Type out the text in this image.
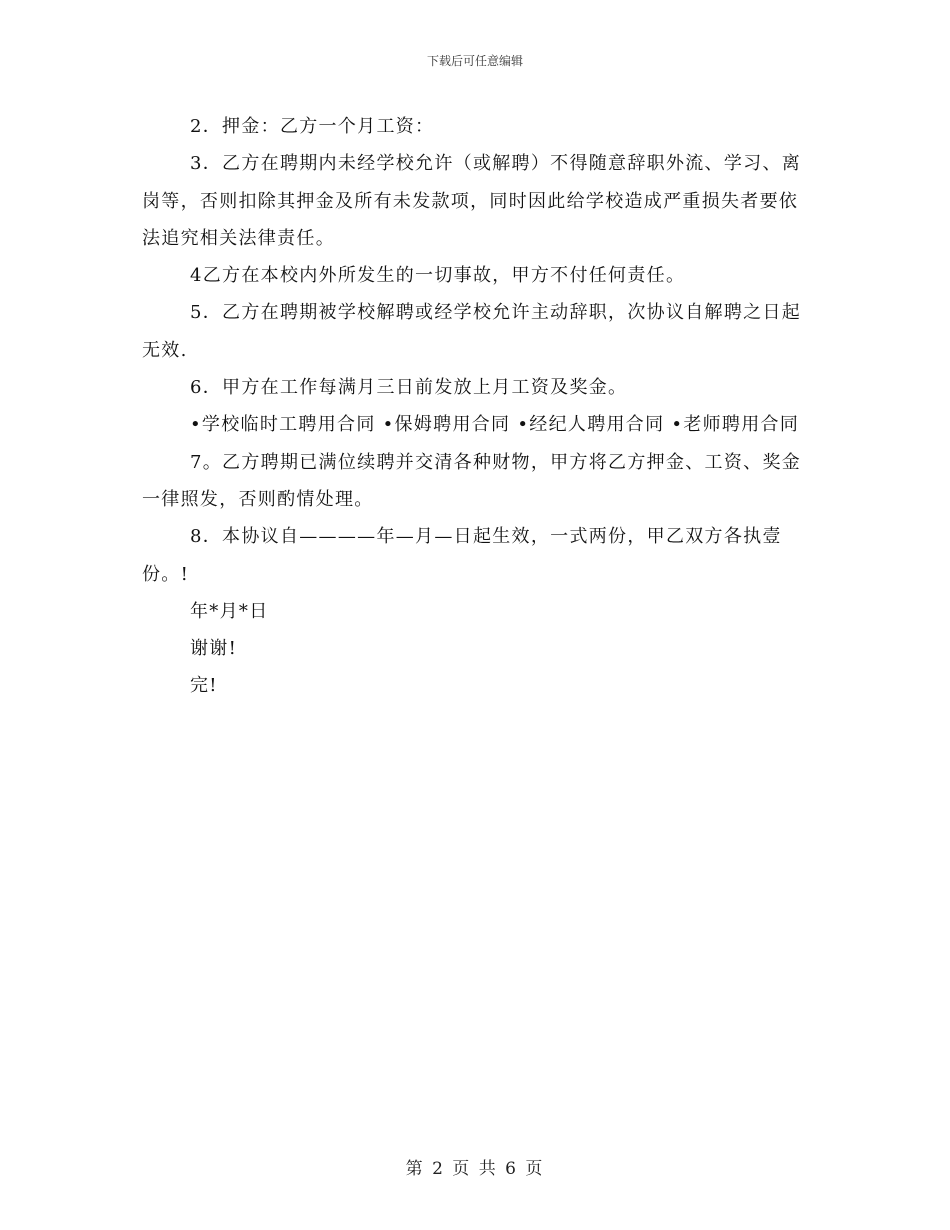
下载后可任意编辑

2．押金：乙方一个月工资：

3．乙方在聘期内未经学校允许（或解聘）不得随意辞职外流、学习、离岗等，否则扣除其押金及所有未发款项，同时因此给学校造成严重损失者要依法追究相关法律责任。

4乙方在本校内外所发生的一切事故，甲方不付任何责任。

5．乙方在聘期被学校解聘或经学校允许主动辞职，次协议自解聘之日起无效.

6．甲方在工作每满月三日前发放上月工资及奖金。

•学校临时工聘用合同 •保姆聘用合同 •经纪人聘用合同 •老师聘用合同

7。乙方聘期已满位续聘并交清各种财物，甲方将乙方押金、工资、奖金一律照发，否则酌情处理。

8．本协议自————年—月—日起生效，一式两份，甲乙双方各执壹份。!

年*月*日

谢谢!

完!

第 2 页 共 6 页
